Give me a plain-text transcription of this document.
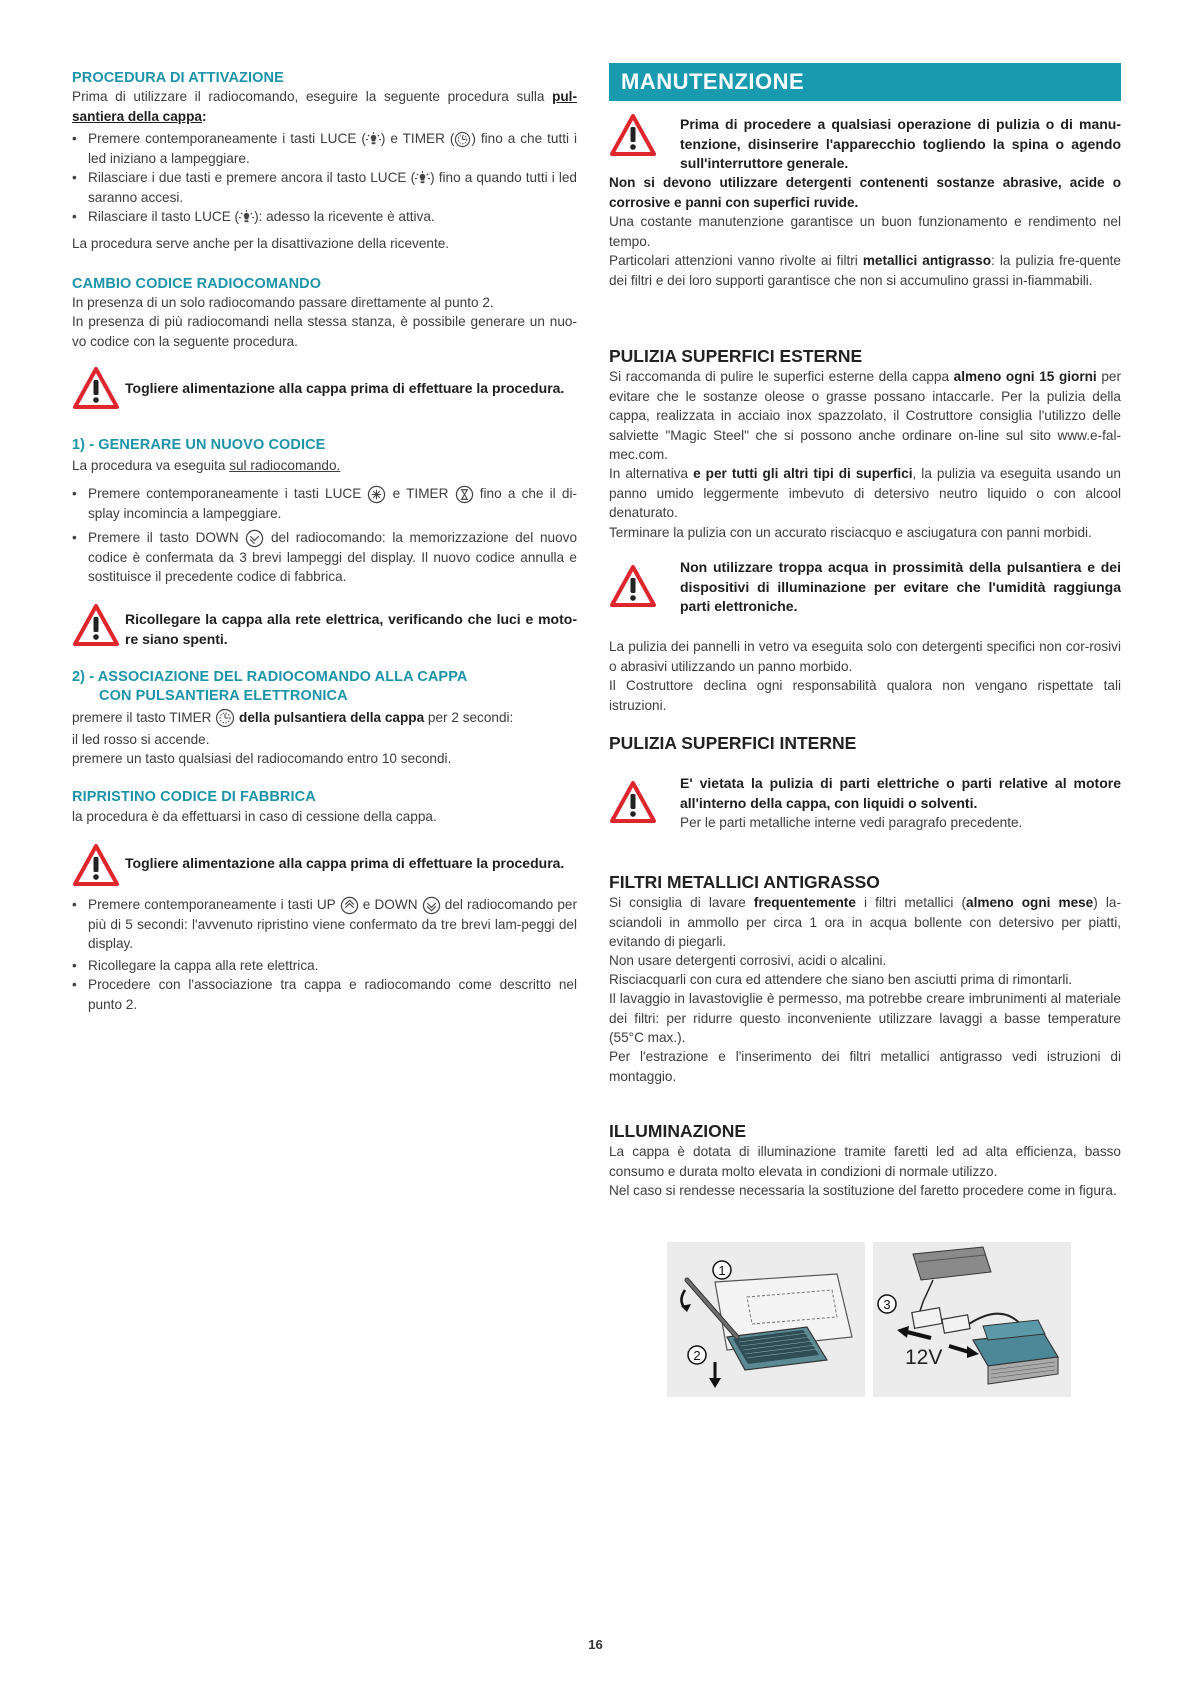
PROCEDURA DI ATTIVAZIONE

Prima di utilizzare il radiocomando, eseguire la seguente procedura sulla pul-santiera della cappa:

• Premere contemporaneamente i tasti LUCE ( ) e TIMER ( ) fino a che tutti i led iniziano a lampeggiare.

• Rilasciare i due tasti e premere ancora il tasto LUCE ( ) fino a quando tutti i led saranno accesi.

• Rilasciare il tasto LUCE ( ): adesso la ricevente è attiva.

La procedura serve anche per la disattivazione della ricevente.

CAMBIO CODICE RADIOCOMANDO

In presenza di un solo radiocomando passare direttamente al punto 2.

In presenza di più radiocomandi nella stessa stanza, è possibile generare un nuo-vo codice con la seguente procedura.

Togliere alimentazione alla cappa prima di effettuare la procedura.

1) - GENERARE UN NUOVO CODICE

La procedura va eseguita sul radiocomando.

• Premere contemporaneamente i tasti LUCE  e TIMER  fino a che il di-splay incomincia a lampeggiare.

• Premere il tasto DOWN  del radiocomando: la memorizzazione del nuovo codice è confermata da 3 brevi lampeggi del display. Il nuovo codice annulla e sostituisce il precedente codice di fabbrica.

Ricollegare la cappa alla rete elettrica, verificando che luci e moto-re siano spenti.

2) - ASSOCIAZIONE DEL RADIOCOMANDO ALLA CAPPA
CON PULSANTIERA ELETTRONICA

premere il tasto TIMER  della pulsantiera della cappa per 2 secondi:

il led rosso si accende.

premere un tasto qualsiasi del radiocomando entro 10 secondi.

RIPRISTINO CODICE DI FABBRICA

la procedura è da effettuarsi in caso di cessione della cappa.

Togliere alimentazione alla cappa prima di effettuare la procedura.

• Premere contemporaneamente i tasti UP  e DOWN  del radiocomando per più di 5 secondi: l'avvenuto ripristino viene confermato da tre brevi lam-peggi del display.

• Ricollegare la cappa alla rete elettrica.

• Procedere con l'associazione tra cappa e radiocomando come descritto nel punto 2.

MANUTENZIONE

Prima di procedere a qualsiasi operazione di pulizia o di manu-tenzione, disinserire l'apparecchio togliendo la spina o agendo sull'interruttore generale.

Non si devono utilizzare detergenti contenenti sostanze abrasive, acide o corrosive e panni con superfici ruvide.

Una costante manutenzione garantisce un buon funzionamento e rendimento nel tempo.

Particolari attenzioni vanno rivolte ai filtri metallici antigrasso: la pulizia fre-quente dei filtri e dei loro supporti garantisce che non si accumulino grassi in-fiammabili.

PULIZIA SUPERFICI ESTERNE

Si raccomanda di pulire le superfici esterne della cappa almeno ogni 15 giorni per evitare che le sostanze oleose o grasse possano intaccarle. Per la pulizia della cappa, realizzata in acciaio inox spazzolato, il Costruttore consiglia l'utilizzo delle salviette "Magic Steel" che si possono anche ordinare on-line sul sito www.e-fal-mec.com.

In alternativa e per tutti gli altri tipi di superfici, la pulizia va eseguita usando un panno umido leggermente imbevuto di detersivo neutro liquido o con alcool denaturato.

Terminare la pulizia con un accurato risciacquo e asciugatura con panni morbidi.

Non utilizzare troppa acqua in prossimità della pulsantiera e dei dispositivi di illuminazione per evitare che l'umidità raggiunga parti elettroniche.

La pulizia dei pannelli in vetro va eseguita solo con detergenti specifici non cor-rosivi o abrasivi utilizzando un panno morbido.

Il Costruttore declina ogni responsabilità qualora non vengano rispettate tali istruzioni.

PULIZIA SUPERFICI INTERNE

E' vietata la pulizia di parti elettriche o parti relative al motore all'interno della cappa, con liquidi o solventi.

Per le parti metalliche interne vedi paragrafo precedente.

FILTRI METALLICI ANTIGRASSO

Si consiglia di lavare frequentemente i filtri metallici (almeno ogni mese) la-sciandoli in ammollo per circa 1 ora in acqua bollente con detersivo per piatti, evitando di piegarli.

Non usare detergenti corrosivi, acidi o alcalini.

Risciacquarli con cura ed attendere che siano ben asciutti prima di rimontarli.

Il lavaggio in lavastoviglie è permesso, ma potrebbe creare imbrunimenti al materiale dei filtri: per ridurre questo inconveniente utilizzare lavaggi a basse temperature (55°C max.).

Per l'estrazione e l'inserimento dei filtri metallici antigrasso vedi istruzioni di montaggio.

ILLUMINAZIONE

La cappa è dotata di illuminazione tramite faretti led ad alta efficienza, basso consumo e durata molto elevata in condizioni di normale utilizzo.

Nel caso si rendesse necessaria la sostituzione del faretto procedere come in figura.

1
2
3
12V
16
